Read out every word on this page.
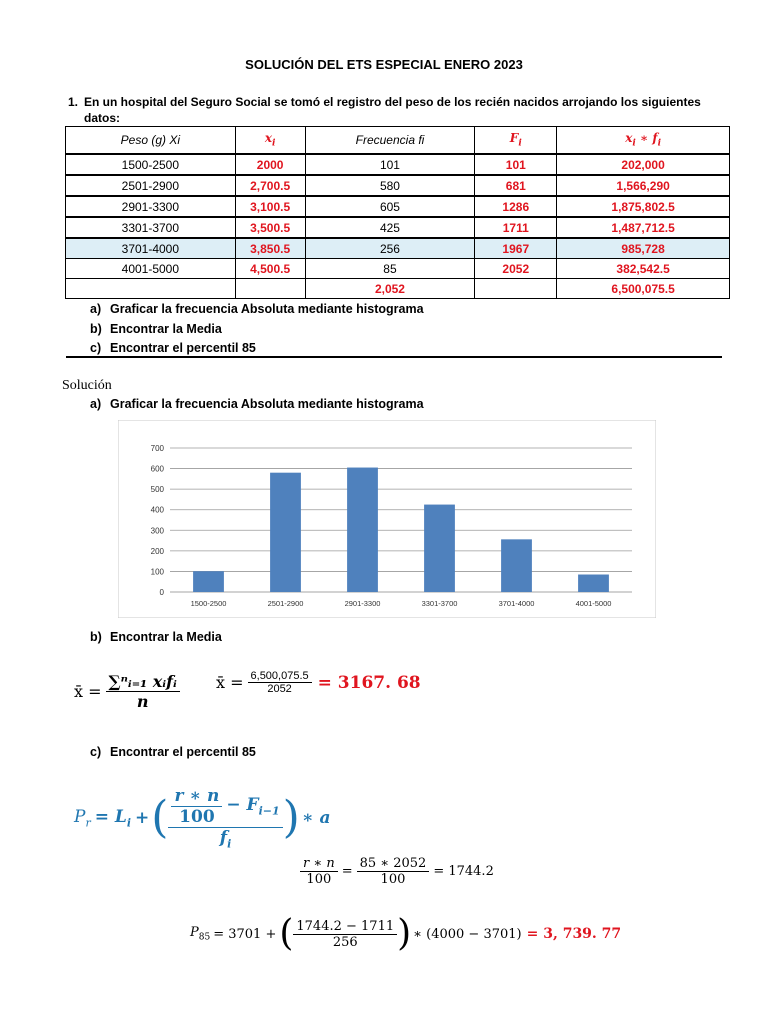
SOLUCIÓN DEL ETS ESPECIAL ENERO 2023
1. En un hospital del Seguro Social se tomó el registro del peso de los recién nacidos arrojando los siguientes datos:
Peso (g) Xi	$x_i$	Frecuencia fi	$F_i$	$x_i$ ∗ $f_i$
1500-2500	2000	101	101	202,000
2501-2900	2,700.5	580	681	1,566,290
2901-3300	3,100.5	605	1286	1,875,802.5
3301-3700	3,500.5	425	1711	1,487,712.5
3701-4000	3,850.5	256	1967	985,728
4001-5000	4,500.5	85	2052	382,542.5
		2,052		6,500,075.5
a) Graficar la frecuencia Absoluta mediante histograma
b) Encontrar la Media
c) Encontrar el percentil 85
Solución
a) Graficar la frecuencia Absoluta mediante histograma
0
100
200
300
400
500
600
700
1500-2500	2501-2900	2901-3300	3301-3700	3701-4000	4001-5000
b) Encontrar la Media
x̄ = $\frac{\text{∑ⁿᵢ₌₁ xᵢfᵢ}}{n}$ x̄ = $\frac{6,500,075.5}{2052} = 3167$. 68
c) Encontrar el percentil 85
$P_r = L_i$ + ( $\frac{\frac{r ∗ n}{100} - F_{i-1}}{f_i}$ ) ∗ a
$\frac{r ∗ n}{100} = \frac{85 ∗ 2052}{100} = 1744.2$
$P_{85} = 3701$ + ( $\frac{1744.2 - 1711}{256}$ ) ∗ (4000 − 3701) = 3, 739. 77
